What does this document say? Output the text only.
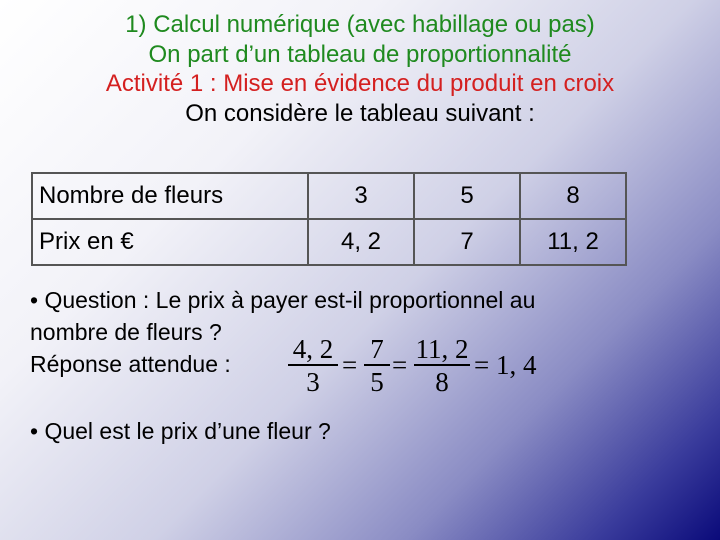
1) Calcul numérique (avec habillage ou pas)
On part d’un tableau de proportionnalité
Activité 1 : Mise en évidence du produit en croix
On considère le tableau suivant :
Nombre de fleurs	3	5	8
Prix en €	4, 2	7	11, 2
• Question : Le prix à payer est-il proportionnel au
nombre de fleurs ?
Réponse attendue :	4, 2
3
=
7
5
=
11, 2
8
= 1, 4
• Quel est le prix d’une fleur ?
